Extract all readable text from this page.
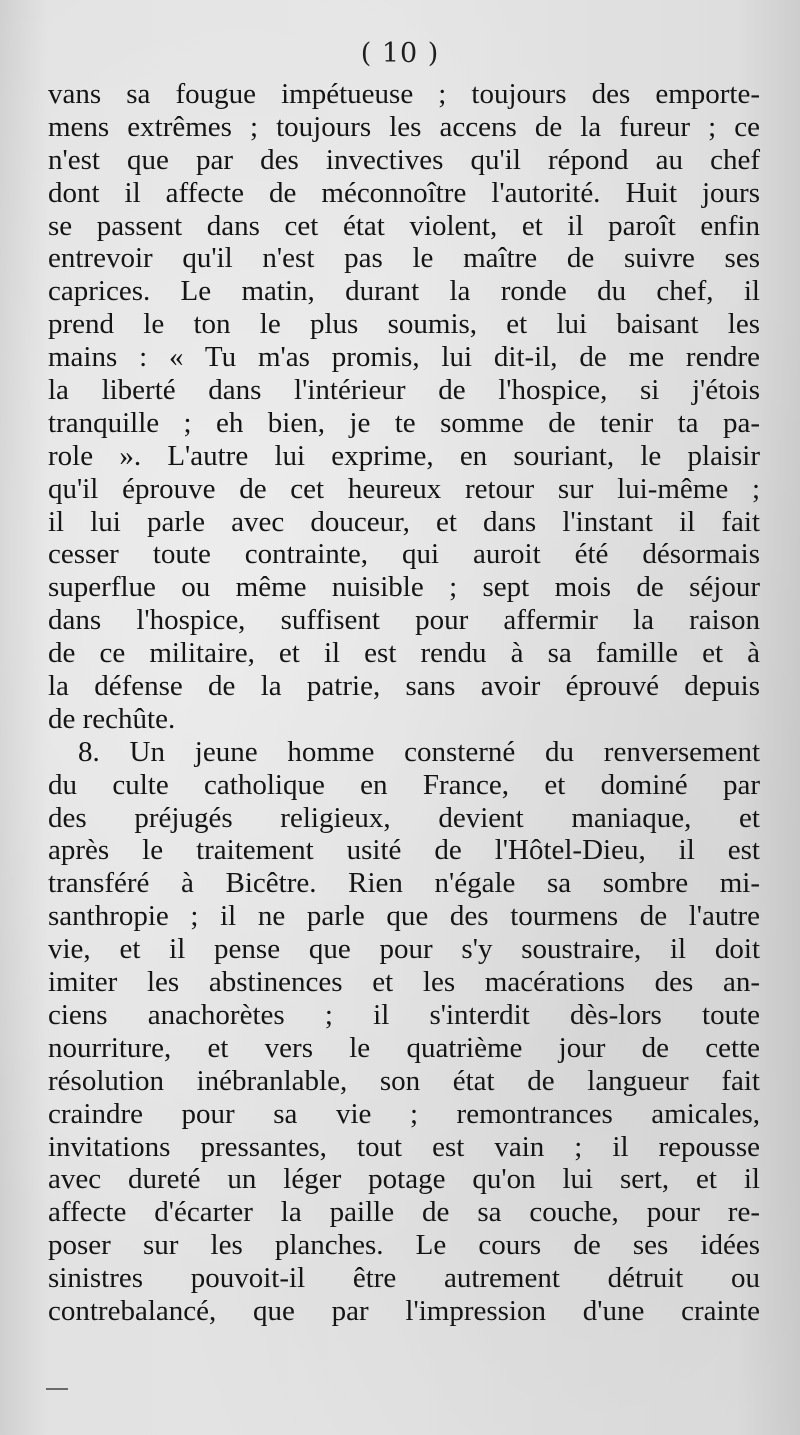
( 10 )
vans sa fougue impétueuse ; toujours des emporte-
mens extrêmes ; toujours les accens de la fureur ; ce
n'est que par des invectives qu'il répond au chef
dont il affecte de méconnoître l'autorité. Huit jours
se passent dans cet état violent, et il paroît enfin
entrevoir qu'il n'est pas le maître de suivre ses
caprices. Le matin, durant la ronde du chef, il
prend le ton le plus soumis, et lui baisant les
mains : « Tu m'as promis, lui dit-il, de me rendre
la liberté dans l'intérieur de l'hospice, si j'étois
tranquille ; eh bien, je te somme de tenir ta pa-
role ». L'autre lui exprime, en souriant, le plaisir
qu'il éprouve de cet heureux retour sur lui-même ;
il lui parle avec douceur, et dans l'instant il fait
cesser toute contrainte, qui auroit été désormais
superflue ou même nuisible ; sept mois de séjour
dans l'hospice, suffisent pour affermir la raison
de ce militaire, et il est rendu à sa famille et à
la défense de la patrie, sans avoir éprouvé depuis
de rechûte.
8. Un jeune homme consterné du renversement
du culte catholique en France, et dominé par
des préjugés religieux, devient maniaque, et
après le traitement usité de l'Hôtel-Dieu, il est
transféré à Bicêtre. Rien n'égale sa sombre mi-
santhropie ; il ne parle que des tourmens de l'autre
vie, et il pense que pour s'y soustraire, il doit
imiter les abstinences et les macérations des an-
ciens anachorètes ; il s'interdit dès-lors toute
nourriture, et vers le quatrième jour de cette
résolution inébranlable, son état de langueur fait
craindre pour sa vie ; remontrances amicales,
invitations pressantes, tout est vain ; il repousse
avec dureté un léger potage qu'on lui sert, et il
affecte d'écarter la paille de sa couche, pour re-
poser sur les planches. Le cours de ses idées
sinistres pouvoit-il être autrement détruit ou
contrebalancé, que par l'impression d'une crainte
